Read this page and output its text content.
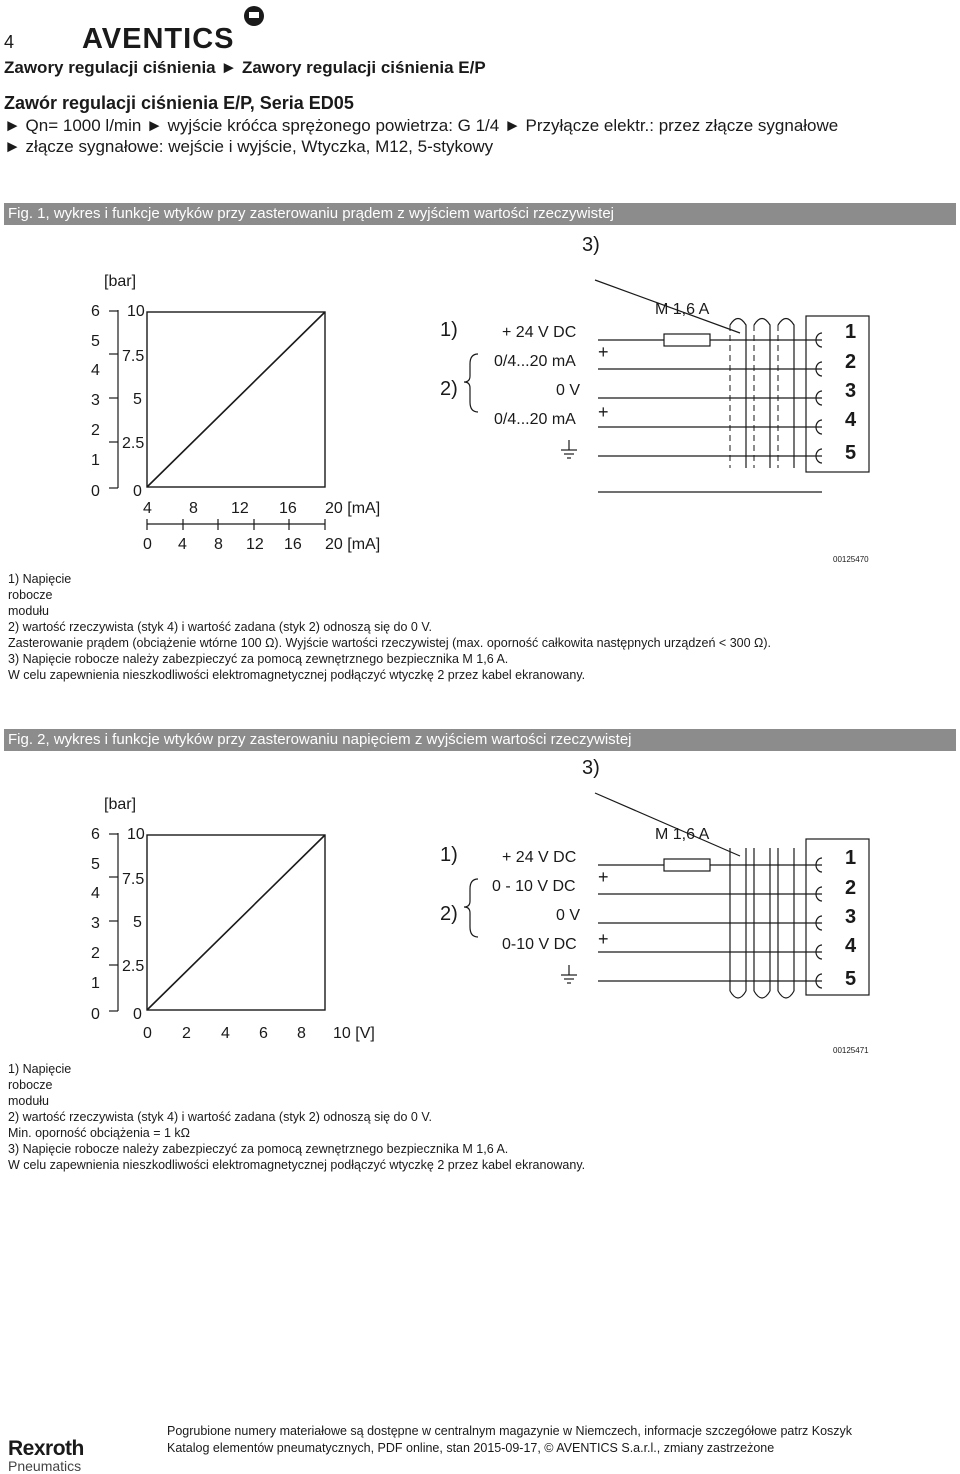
4 AVENTICS
Zawory regulacji ciśnienia ► Zawory regulacji ciśnienia E/P
Zawór regulacji ciśnienia E/P, Seria ED05
► Qn= 1000 l/min ► wyjście króćca sprężonego powietrza: G 1/4 ► Przyłącze elektr.: przez złącze sygnałowe
► złącze sygnałowe: wejście i wyjście, Wtyczka, M12, 5-stykowy
Fig. 1, wykres i funkcje wtyków przy zasterowaniu prądem z wyjściem wartości rzeczywistej
[bar]
6
5
4
3
2
1
0
10
7.5
5
2.5
0
4 8 12 16 20 [mA]
0 4 8 12 16 20 [mA]
3)
M 1,6 A
1)
2)
+ 24 V DC
0/4...20 mA
0 V
0/4...20 mA
+
+
1
2
3
4
5
00125470
1) Napięcie
robocze
modułu
2) wartość rzeczywista (styk 4) i wartość zadana (styk 2) odnoszą się do 0 V.
Zasterowanie prądem (obciążenie wtórne 100 Ω). Wyjście wartości rzeczywistej (max. oporność całkowita następnych urządzeń < 300 Ω).
3) Napięcie robocze należy zabezpieczyć za pomocą zewnętrznego bezpiecznika M 1,6 A.
W celu zapewnienia nieszkodliwości elektromagnetycznej podłączyć wtyczkę 2 przez kabel ekranowany.
Fig. 2, wykres i funkcje wtyków przy zasterowaniu napięciem z wyjściem wartości rzeczywistej
[bar]
6
5
4
3
2
1
0
10
7.5
5
2.5
0
0 2 4 6 8 10 [V]
3)
M 1,6 A
1)
2)
+ 24 V DC
0 - 10 V DC
0 V
0-10 V DC
+
+
1
2
3
4
5
00125471
1) Napięcie
robocze
modułu
2) wartość rzeczywista (styk 4) i wartość zadana (styk 2) odnoszą się do 0 V.
Min. oporność obciążenia = 1 kΩ
3) Napięcie robocze należy zabezpieczyć za pomocą zewnętrznego bezpiecznika M 1,6 A.
W celu zapewnienia nieszkodliwości elektromagnetycznej podłączyć wtyczkę 2 przez kabel ekranowany.
Pogrubione numery materiałowe są dostępne w centralnym magazynie w Niemczech, informacje szczegółowe patrz Koszyk
Katalog elementów pneumatycznych, PDF online, stan 2015-09-17, © AVENTICS S.a.r.l., zmiany zastrzeżone
Rexroth
Pneumatics
